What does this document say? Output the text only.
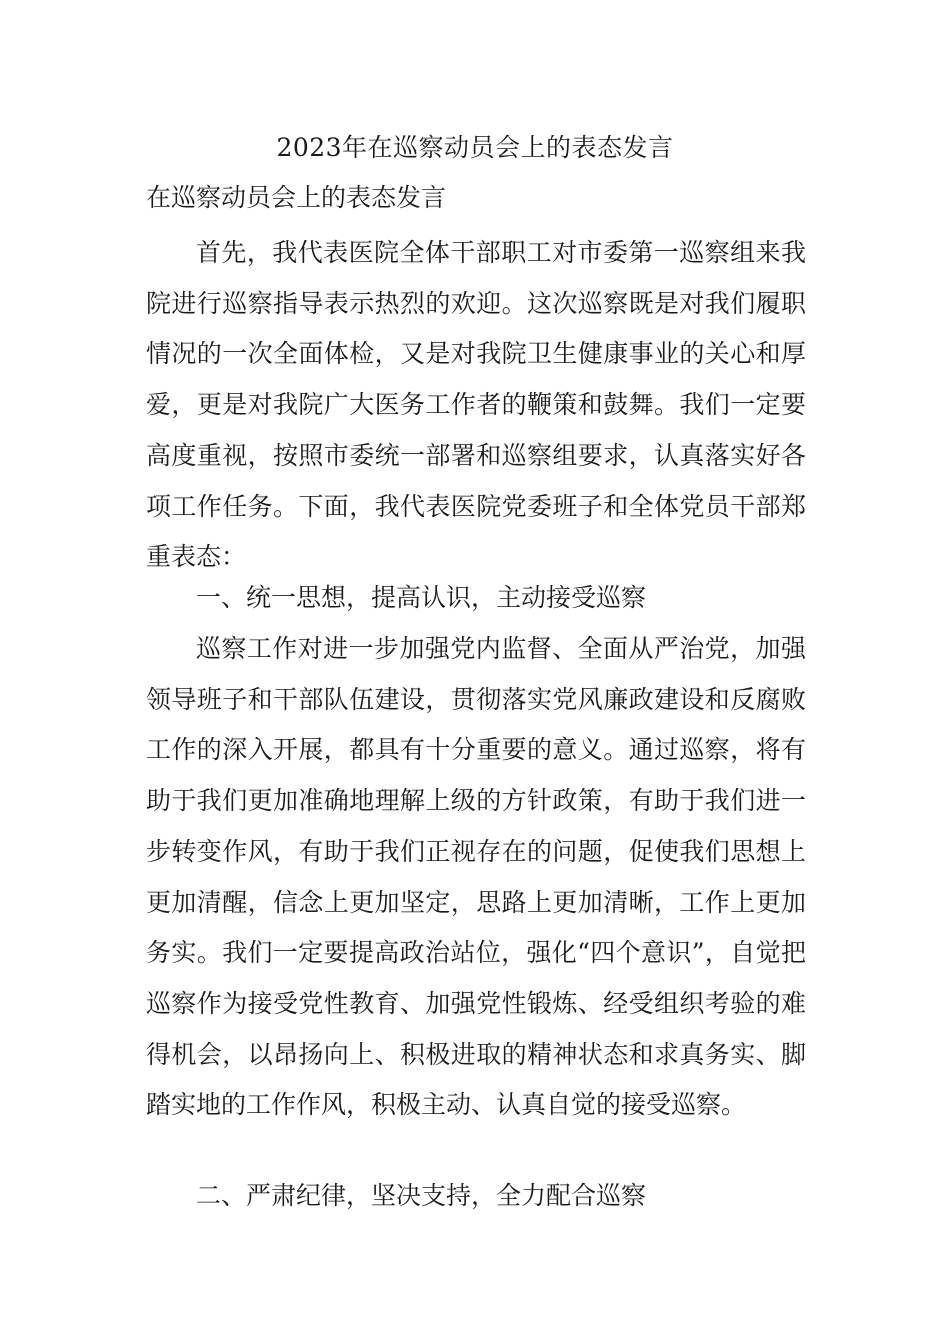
2023年在巡察动员会上的表态发言
在巡察动员会上的表态发言

首先，我代表医院全体干部职工对市委第一巡察组来我院进行巡察指导表示热烈的欢迎。这次巡察既是对我们履职情况的一次全面体检，又是对我院卫生健康事业的关心和厚爱，更是对我院广大医务工作者的鞭策和鼓舞。我们一定要高度重视，按照市委统一部署和巡察组要求，认真落实好各项工作任务。下面，我代表医院党委班子和全体党员干部郑重表态：

一、统一思想，提高认识，主动接受巡察

巡察工作对进一步加强党内监督、全面从严治党，加强领导班子和干部队伍建设，贯彻落实党风廉政建设和反腐败工作的深入开展，都具有十分重要的意义。通过巡察，将有助于我们更加准确地理解上级的方针政策，有助于我们进一步转变作风，有助于我们正视存在的问题，促使我们思想上更加清醒，信念上更加坚定，思路上更加清晰，工作上更加务实。我们一定要提高政治站位，强化“四个意识”，自觉把巡察作为接受党性教育、加强党性锻炼、经受组织考验的难得机会，以昂扬向上、积极进取的精神状态和求真务实、脚踏实地的工作作风，积极主动、认真自觉的接受巡察。

二、严肃纪律，坚决支持，全力配合巡察
